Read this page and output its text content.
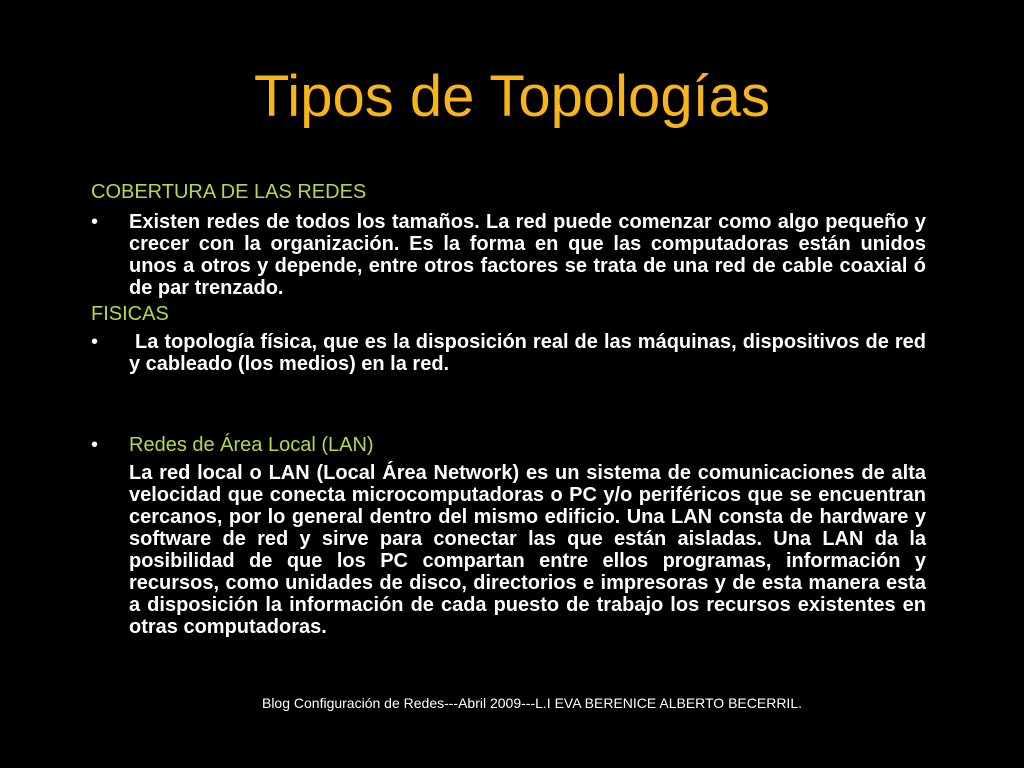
Tipos de Topologías
COBERTURA DE LAS REDES
•	Existen redes de todos los tamaños. La red puede comenzar como algo pequeño y crecer con la organización. Es la forma en que las computadoras están unidos unos a otros y depende, entre otros factores se trata de una red de cable coaxial ó de par trenzado.
FISICAS
•	La topología física, que es la disposición real de las máquinas, dispositivos de red y cableado (los medios) en la red.
•	Redes de Área Local (LAN)
La red local o LAN (Local Área Network) es un sistema de comunicaciones de alta velocidad que conecta microcomputadoras o PC y/o periféricos que se encuentran cercanos, por lo general dentro del mismo edificio. Una LAN consta de hardware y software de red y sirve para conectar las que están aisladas. Una LAN da la posibilidad de que los PC compartan entre ellos programas, información y recursos, como unidades de disco, directorios e impresoras y de esta manera esta a disposición la información de cada puesto de trabajo los recursos existentes en otras computadoras.
Blog Configuración de Redes---Abril 2009---L.I EVA BERENICE ALBERTO BECERRIL.
